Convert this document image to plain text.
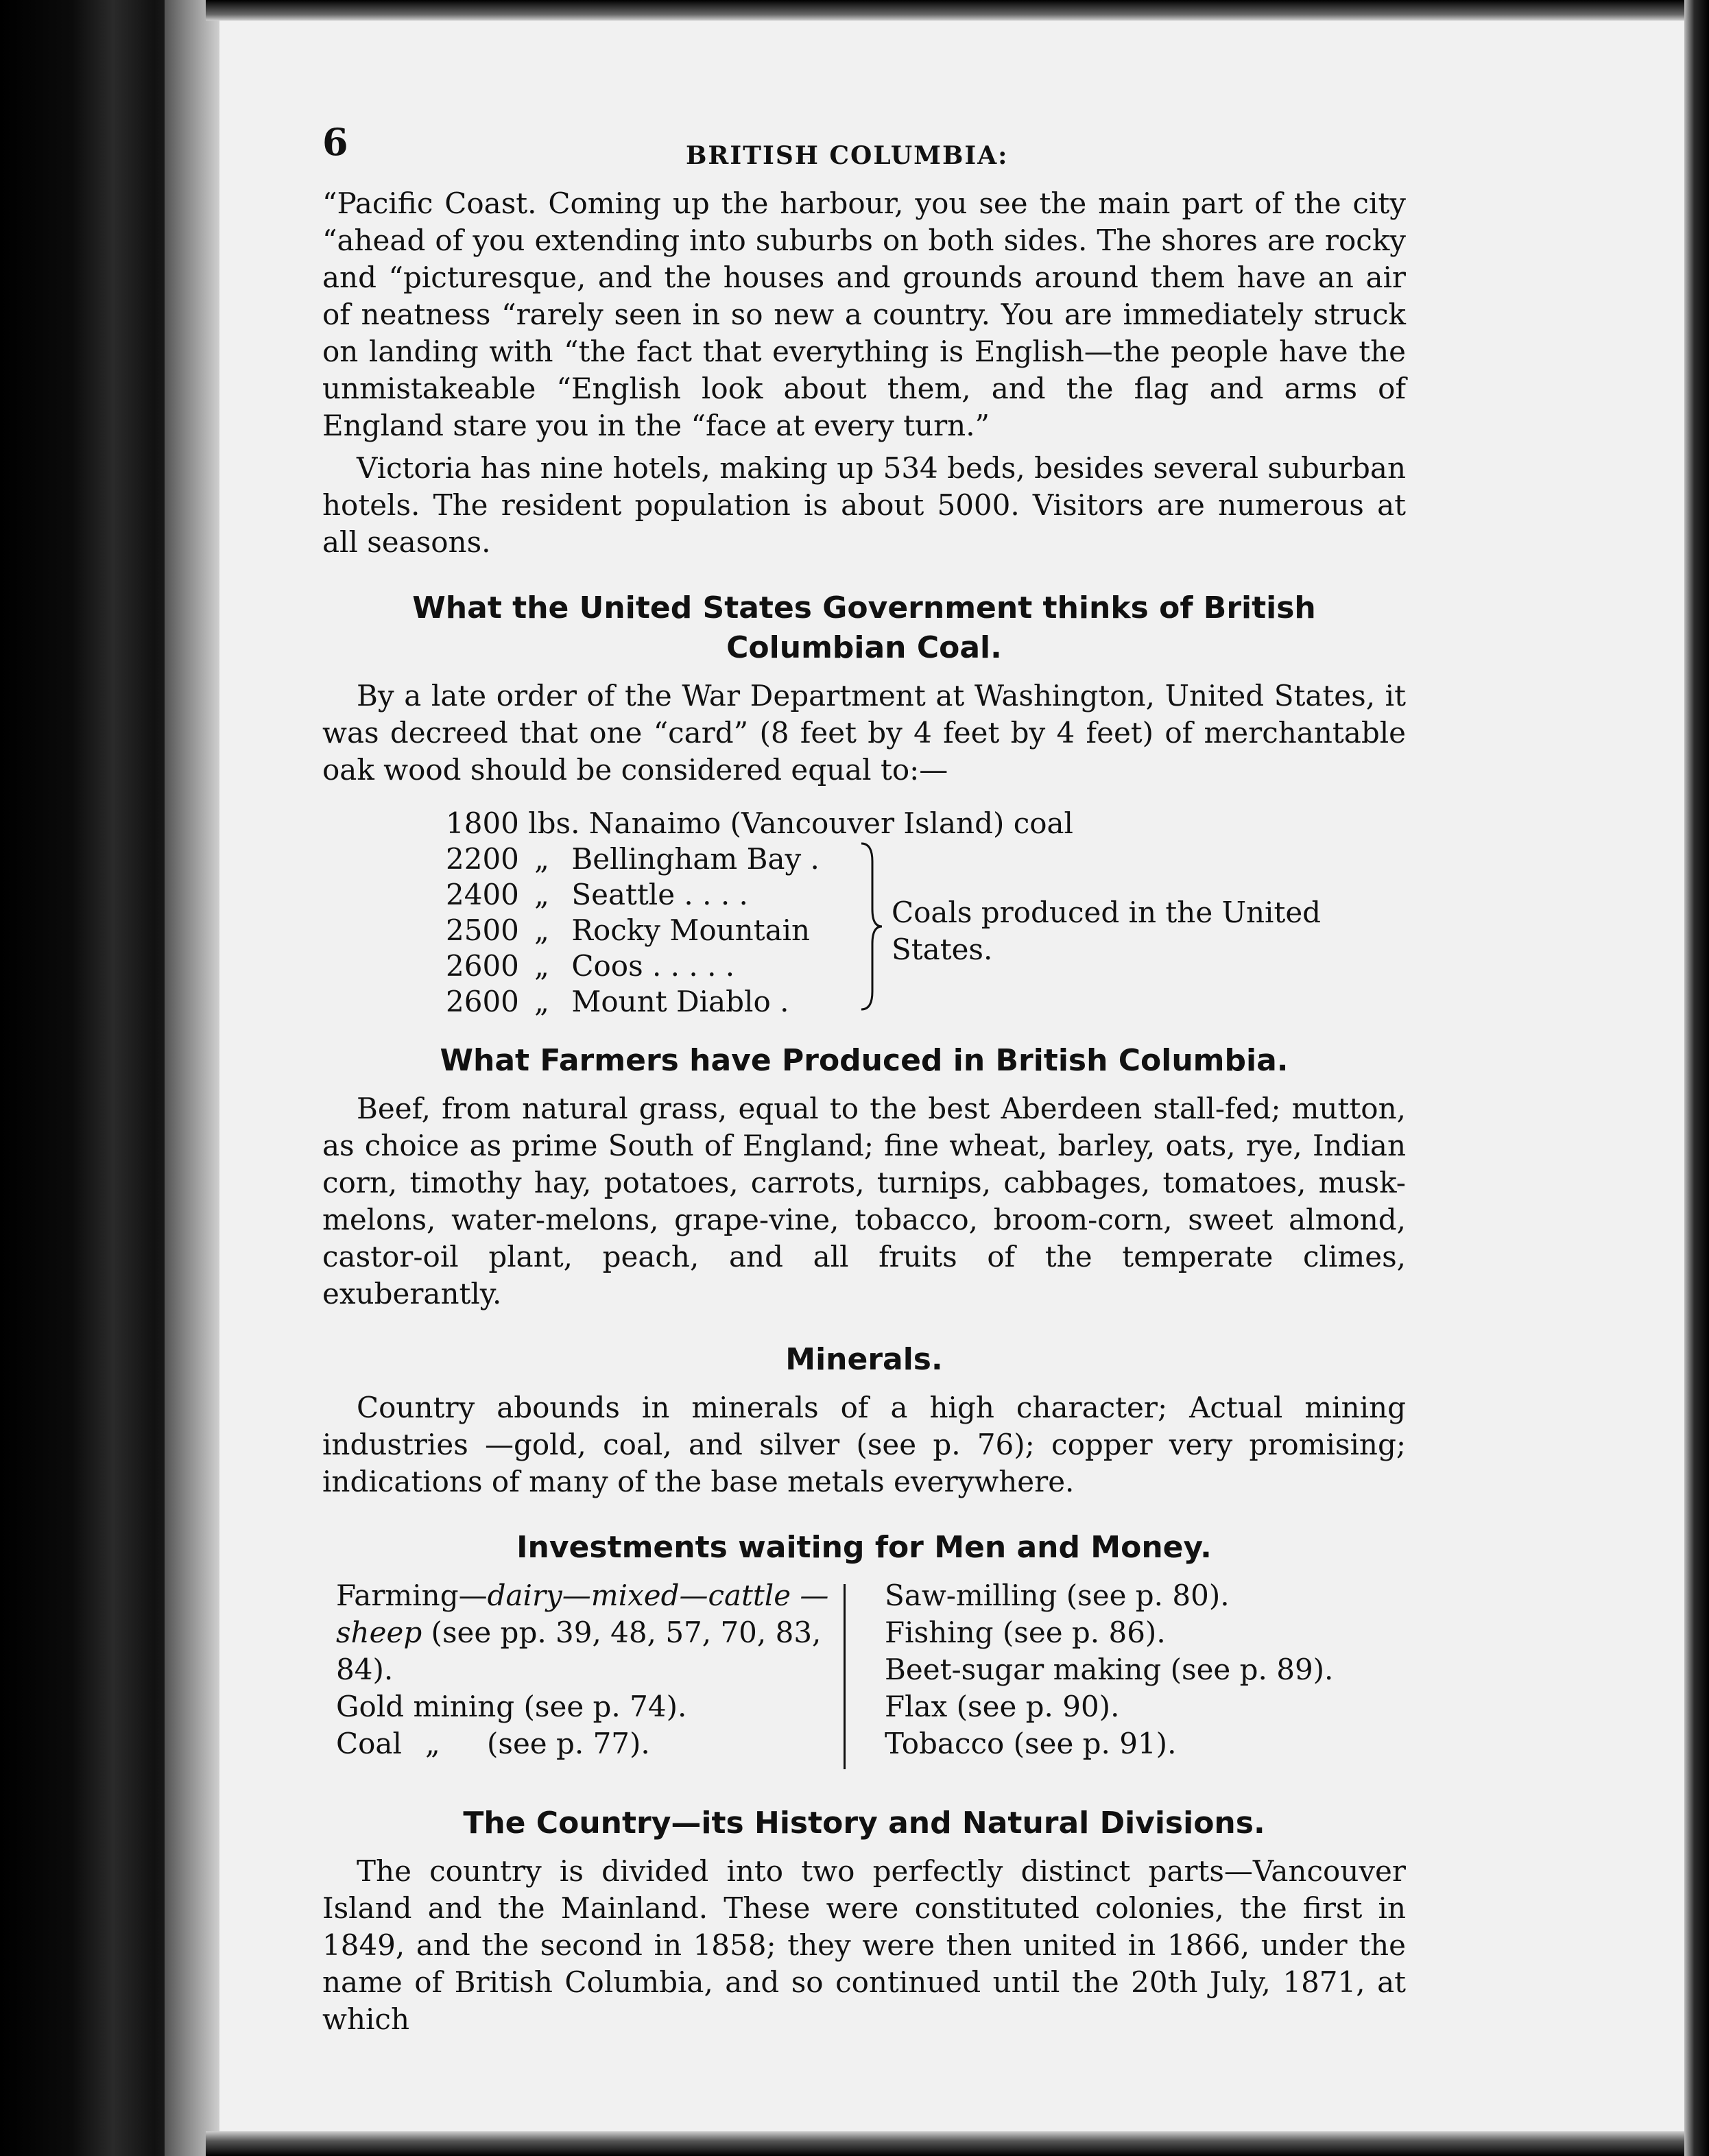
6	BRITISH COLUMBIA:

“Pacific Coast. Coming up the harbour, you see the main part of the city “ahead of you extending into suburbs on both sides. The shores are rocky and “picturesque, and the houses and grounds around them have an air of neatness “rarely seen in so new a country. You are immediately struck on landing with “the fact that everything is English—the people have the unmistakeable “English look about them, and the flag and arms of England stare you in the “face at every turn.”

Victoria has nine hotels, making up 534 beds, besides several suburban hotels. The resident population is about 5000. Visitors are numerous at all seasons.

What the United States Government thinks of British Columbian Coal.

By a late order of the War Department at Washington, United States, it was decreed that one “card” (8 feet by 4 feet by 4 feet) of merchantable oak wood should be considered equal to:—

1800 lbs. Nanaimo (Vancouver Island) coal
2200 „ Bellingham Bay .
2400 „ Seattle . . . .
2500 „ Rocky Mountain
2600 „ Coos . . . . .
2600 „ Mount Diablo .
Coals produced in the United States.
What Farmers have Produced in British Columbia.

Beef, from natural grass, equal to the best Aberdeen stall-fed; mutton, as choice as prime South of England; fine wheat, barley, oats, rye, Indian corn, timothy hay, potatoes, carrots, turnips, cabbages, tomatoes, musk-melons, water-melons, grape-vine, tobacco, broom-corn, sweet almond, castor-oil plant, peach, and all fruits of the temperate climes, exuberantly.

Minerals.

Country abounds in minerals of a high character; Actual mining industries —gold, coal, and silver (see p. 76); copper very promising; indications of many of the base metals everywhere.

Investments waiting for Men and Money.
Farming—dairy—mixed—cattle —sheep (see pp. 39, 48, 57, 70, 83, 84).
Gold mining (see p. 74).
Coal „ (see p. 77).
Saw-milling (see p. 80).
Fishing (see p. 86).
Beet-sugar making (see p. 89).
Flax (see p. 90).
Tobacco (see p. 91).
The Country—its History and Natural Divisions.

The country is divided into two perfectly distinct parts—Vancouver Island and the Mainland. These were constituted colonies, the first in 1849, and the second in 1858; they were then united in 1866, under the name of British Columbia, and so continued until the 20th July, 1871, at which
